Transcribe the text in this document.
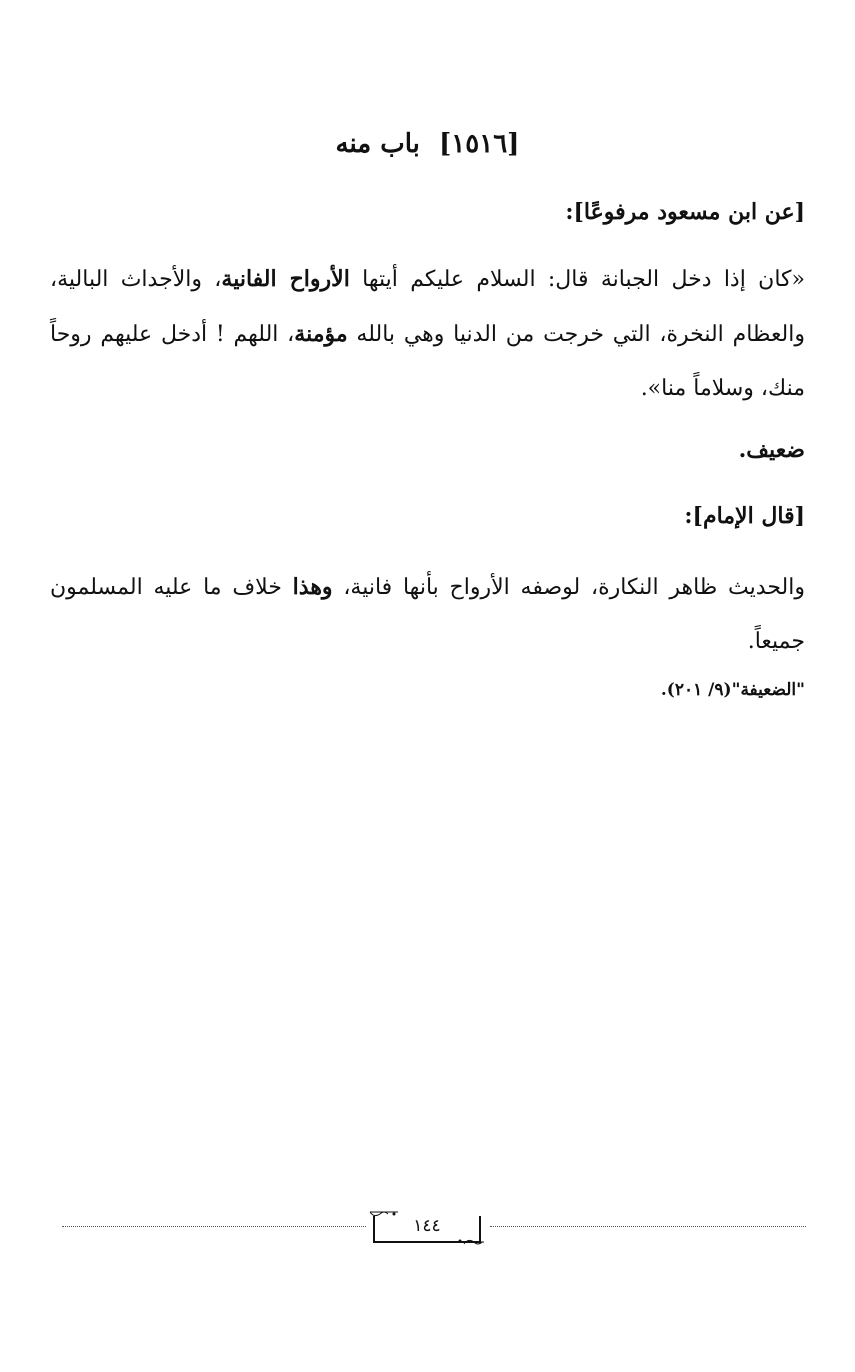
[١٥١٦] باب منه
[عن ابن مسعود مرفوعًا]:
«كان إذا دخل الجبانة قال: السلام عليكم أيتها الأرواح الفانية، والأجداث البالية، والعظام النخرة، التي خرجت من الدنيا وهي بالله مؤمنة، اللهم ! أدخل عليهم روحاً منك، وسلاماً منا».
ضعيف.
[قال الإمام]:
والحديث ظاهر النكارة، لوصفه الأرواح بأنها فانية، وهذا خلاف ما عليه المسلمون جميعاً.
"الضعيفة"(٩/ ٢٠١).
١٤٤
